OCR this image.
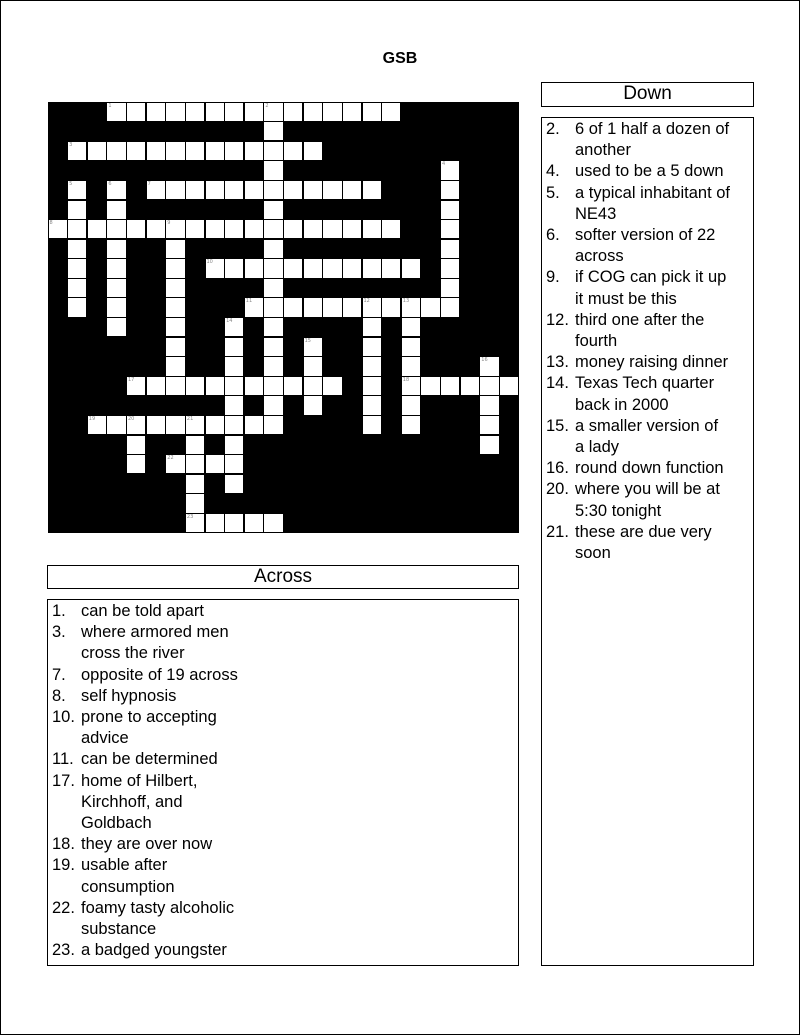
GSB
1	2
3
4
5	6	7
8	9
10
11	12	13
14
15
16
17	18
19	20	21
22
23
Across
1. can be told apart
3. where armored men
cross the river
7. opposite of 19 across
8. self hypnosis
10. prone to accepting
advice
11. can be determined
17. home of Hilbert,
Kirchhoff, and
Goldbach
18. they are over now
19. usable after
consumption
22. foamy tasty alcoholic
substance
23. a badged youngster
Down
2. 6 of 1 half a dozen of
another
4. used to be a 5 down
5. a typical inhabitant of
NE43
6. softer version of 22
across
9. if COG can pick it up
it must be this
12. third one after the
fourth
13. money raising dinner
14. Texas Tech quarter
back in 2000
15. a smaller version of
a lady
16. round down function
20. where you will be at
5:30 tonight
21. these are due very
soon
